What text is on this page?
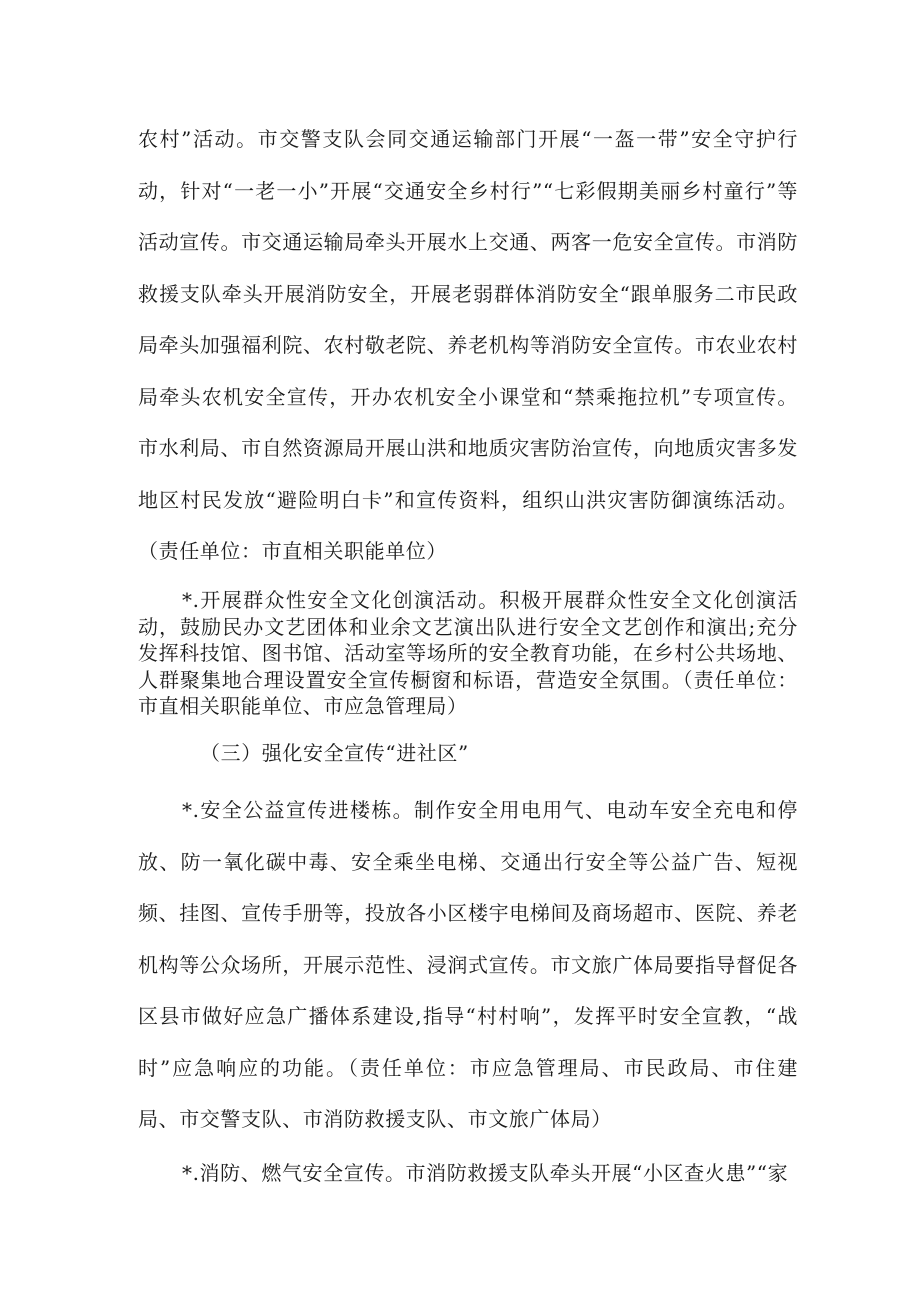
农村”活动。市交警支队会同交通运输部门开展“一盔一带”安全守护行动，针对“一老一小”开展“交通安全乡村行”“七彩假期美丽乡村童行”等活动宣传。市交通运输局牵头开展水上交通、两客一危安全宣传。市消防救援支队牵头开展消防安全，开展老弱群体消防安全“跟单服务二市民政局牵头加强福利院、农村敬老院、养老机构等消防安全宣传。市农业农村局牵头农机安全宣传，开办农机安全小课堂和“禁乘拖拉机”专项宣传。市水利局、市自然资源局开展山洪和地质灾害防治宣传，向地质灾害多发地区村民发放“避险明白卡”和宣传资料，组织山洪灾害防御演练活动。（责任单位：市直相关职能单位）

*.开展群众性安全文化创演活动。积极开展群众性安全文化创演活动，鼓励民办文艺团体和业余文艺演出队进行安全文艺创作和演出;充分发挥科技馆、图书馆、活动室等场所的安全教育功能，在乡村公共场地、人群聚集地合理设置安全宣传橱窗和标语，营造安全氛围。（责任单位：市直相关职能单位、市应急管理局）

（三）强化安全宣传“进社区”

*.安全公益宣传进楼栋。制作安全用电用气、电动车安全充电和停放、防一氧化碳中毒、安全乘坐电梯、交通出行安全等公益广告、短视频、挂图、宣传手册等，投放各小区楼宇电梯间及商场超市、医院、养老机构等公众场所，开展示范性、浸润式宣传。市文旅广体局要指导督促各区县市做好应急广播体系建设,指导“村村响”，发挥平时安全宣教，“战时”应急响应的功能。（责任单位：市应急管理局、市民政局、市住建局、市交警支队、市消防救援支队、市文旅广体局）

*.消防、燃气安全宣传。市消防救援支队牵头开展“小区查火患”“家
